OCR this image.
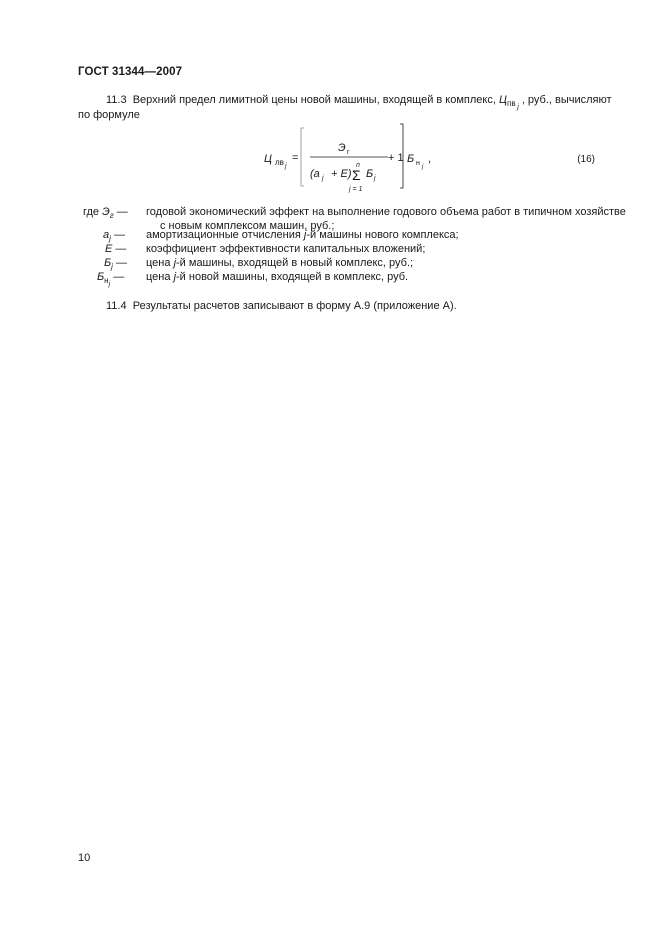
ГОСТ 31344—2007
11.3 Верхний предел лимитной цены новой машины, входящей в комплекс, $Ц_{пв _j}$ , руб., вычисляют
по формуле
Ц лв j
=
Э г
(a j + E)
n
Σ
j = 1
Б j
+ 1 Б н j
,	(16)
где $Э_г$ — годовой экономический эффект на выполнение годового объема работ в типичном хозяйстве
с новым комплексом машин, руб.;
$a_j$ — амортизационные отчисления j-й машины нового комплекса;
E — коэффициент эффективности капитальных вложений;
$Б_j$ — цена j-й машины, входящей в новый комплекс, руб.;
$Б_{н_j}$ — цена j-й новой машины, входящей в комплекс, руб.
11.4 Результаты расчетов записывают в форму А.9 (приложение А).
10
